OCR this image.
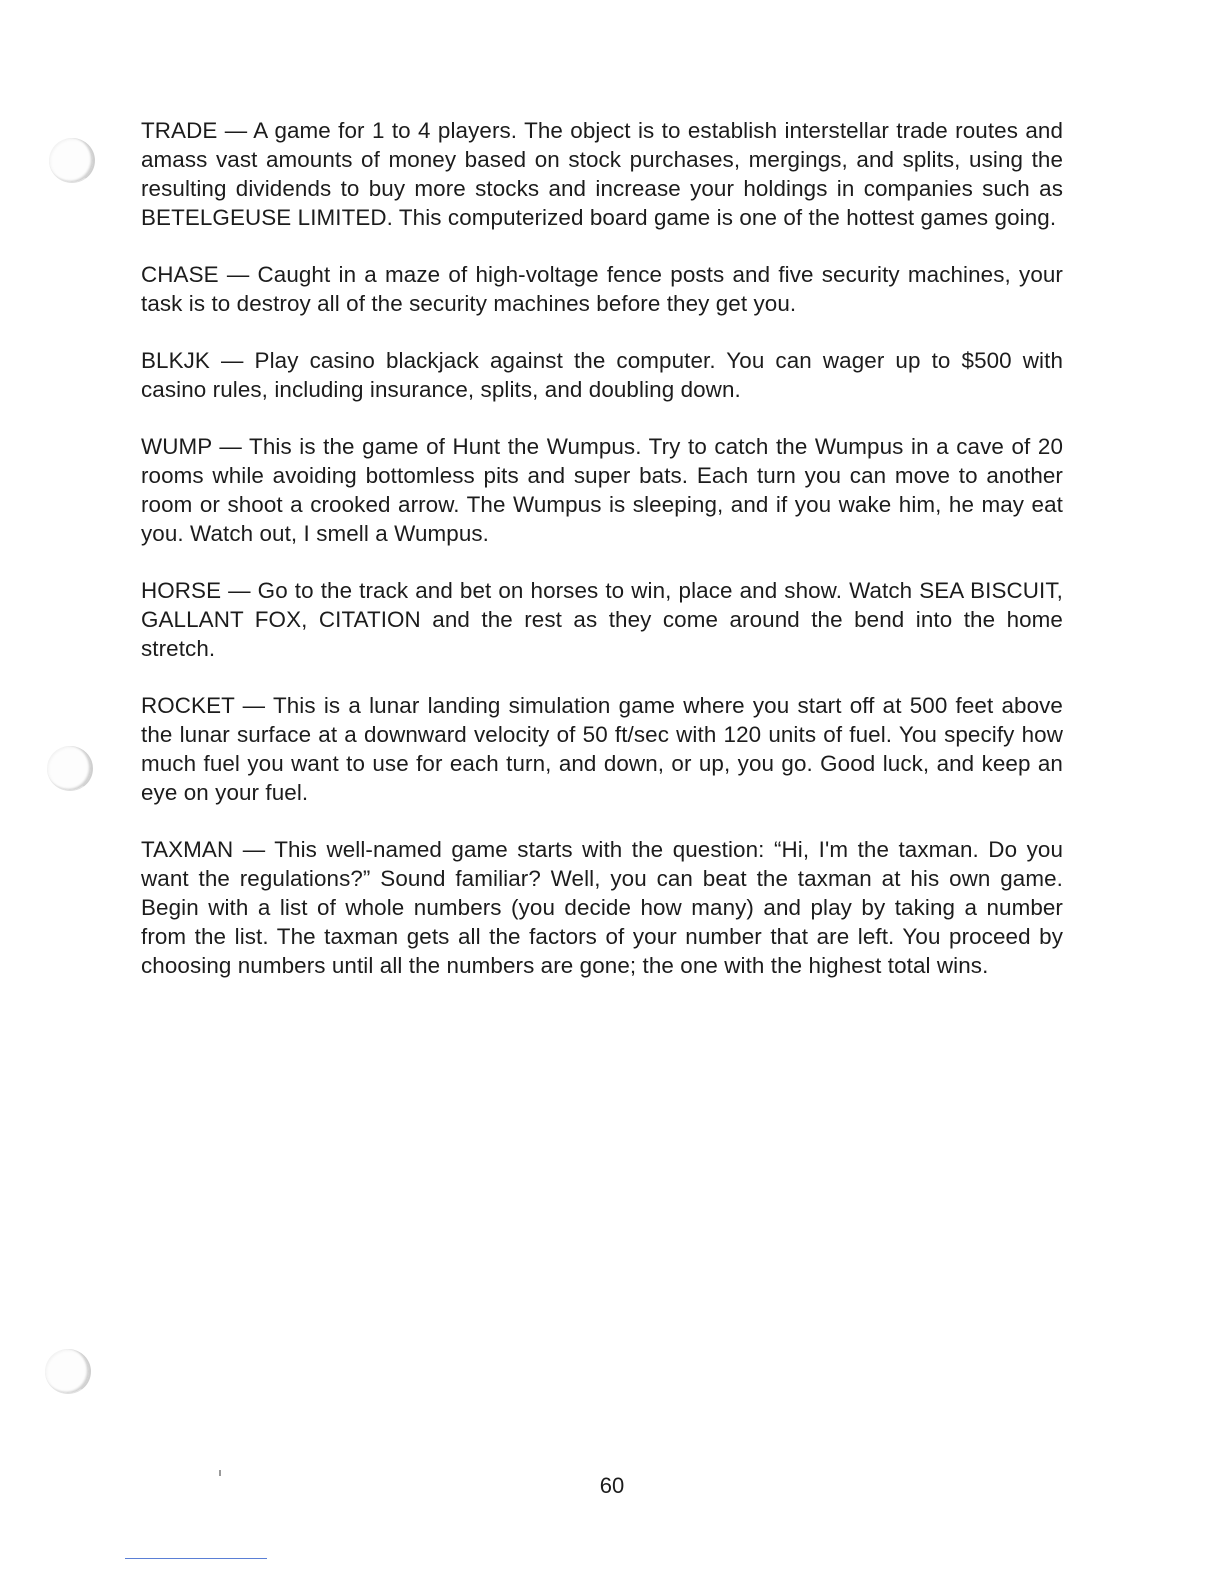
TRADE — A game for 1 to 4 players. The object is to establish interstellar trade routes and amass vast amounts of money based on stock purchases, mergings, and splits, using the resulting dividends to buy more stocks and increase your holdings in companies such as BETELGEUSE LIMITED. This computerized board game is one of the hottest games going.

CHASE — Caught in a maze of high-voltage fence posts and five security machines, your task is to destroy all of the security machines before they get you.

BLKJK — Play casino blackjack against the computer. You can wager up to $500 with casino rules, including insurance, splits, and doubling down.

WUMP — This is the game of Hunt the Wumpus. Try to catch the Wumpus in a cave of 20 rooms while avoiding bottomless pits and super bats. Each turn you can move to another room or shoot a crooked arrow. The Wumpus is sleeping, and if you wake him, he may eat you. Watch out, I smell a Wumpus.

HORSE — Go to the track and bet on horses to win, place and show. Watch SEA BISCUIT, GALLANT FOX, CITATION and the rest as they come around the bend into the home stretch.

ROCKET — This is a lunar landing simulation game where you start off at 500 feet above the lunar surface at a downward velocity of 50 ft/sec with 120 units of fuel. You specify how much fuel you want to use for each turn, and down, or up, you go. Good luck, and keep an eye on your fuel.

TAXMAN — This well-named game starts with the question: “Hi, I'm the taxman. Do you want the regulations?” Sound familiar? Well, you can beat the taxman at his own game. Begin with a list of whole numbers (you decide how many) and play by taking a number from the list. The taxman gets all the factors of your number that are left. You proceed by choosing numbers until all the numbers are gone; the one with the highest total wins.

60
